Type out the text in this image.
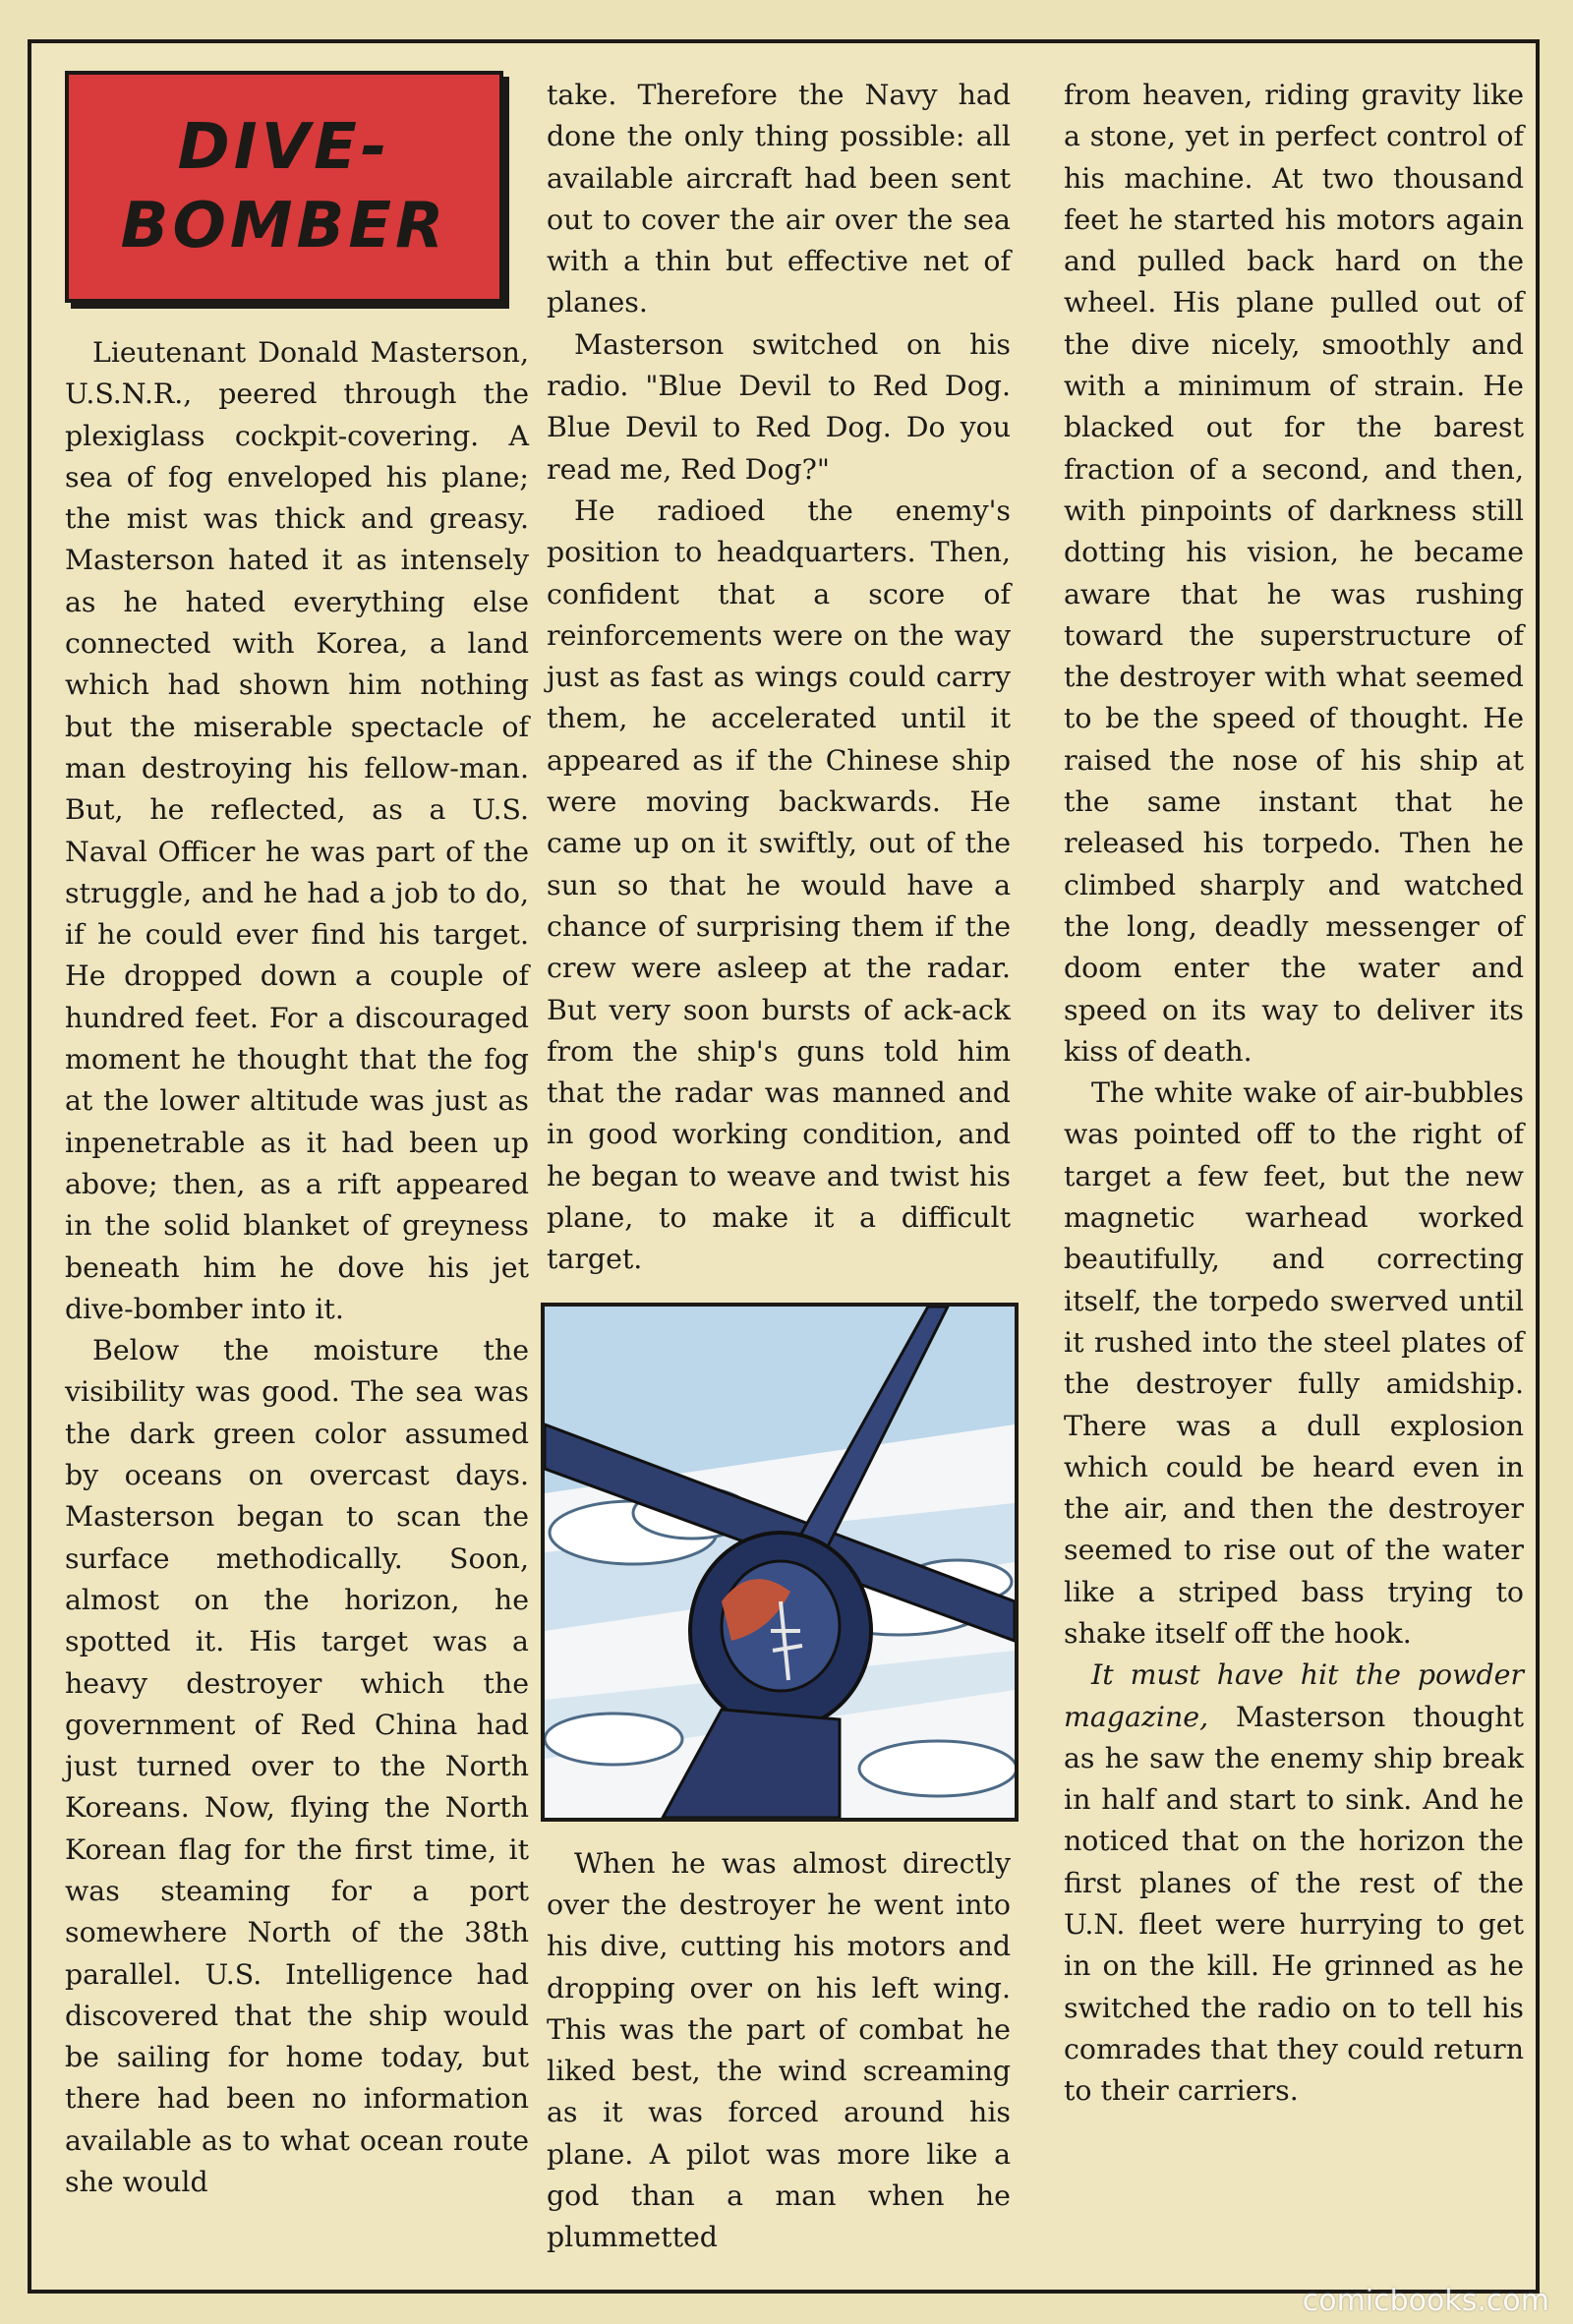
DIVE-
BOMBER

Lieutenant Donald Masterson, U.S.N.R., peered through the plexiglass cockpit-covering. A sea of fog enveloped his plane; the mist was thick and greasy. Masterson hated it as intensely as he hated everything else connected with Korea, a land which had shown him nothing but the miserable spectacle of man destroying his fellow-man. But, he reflected, as a U.S. Naval Officer he was part of the struggle, and he had a job to do, if he could ever find his target. He dropped down a couple of hundred feet. For a discouraged moment he thought that the fog at the lower altitude was just as inpenetrable as it had been up above; then, as a rift appeared in the solid blanket of greyness beneath him he dove his jet dive-bomber into it.

Below the moisture the visibility was good. The sea was the dark green color assumed by oceans on overcast days. Masterson began to scan the surface methodically. Soon, almost on the horizon, he spotted it. His target was a heavy destroyer which the government of Red China had just turned over to the North Koreans. Now, flying the North Korean flag for the first time, it was steaming for a port somewhere North of the 38th parallel. U.S. Intelligence had discovered that the ship would be sailing for home today, but there had been no information available as to what ocean route she would

take. Therefore the Navy had done the only thing possible: all available aircraft had been sent out to cover the air over the sea with a thin but effective net of planes.

Masterson switched on his radio. "Blue Devil to Red Dog. Blue Devil to Red Dog. Do you read me, Red Dog?"

He radioed the enemy's position to headquarters. Then, confident that a score of reinforcements were on the way just as fast as wings could carry them, he accelerated until it appeared as if the Chinese ship were moving backwards. He came up on it swiftly, out of the sun so that he would have a chance of surprising them if the crew were asleep at the radar. But very soon bursts of ack-ack from the ship's guns told him that the radar was manned and in good working condition, and he began to weave and twist his plane, to make it a difficult target.

When he was almost directly over the destroyer he went into his dive, cutting his motors and dropping over on his left wing. This was the part of combat he liked best, the wind screaming as it was forced around his plane. A pilot was more like a god than a man when he plummetted

from heaven, riding gravity like a stone, yet in perfect control of his machine. At two thousand feet he started his motors again and pulled back hard on the wheel. His plane pulled out of the dive nicely, smoothly and with a minimum of strain. He blacked out for the barest fraction of a second, and then, with pinpoints of darkness still dotting his vision, he became aware that he was rushing toward the superstructure of the destroyer with what seemed to be the speed of thought. He raised the nose of his ship at the same instant that he released his torpedo. Then he climbed sharply and watched the long, deadly messenger of doom enter the water and speed on its way to deliver its kiss of death.

The white wake of air-bubbles was pointed off to the right of target a few feet, but the new magnetic warhead worked beautifully, and correcting itself, the torpedo swerved until it rushed into the steel plates of the destroyer fully amidship. There was a dull explosion which could be heard even in the air, and then the destroyer seemed to rise out of the water like a striped bass trying to shake itself off the hook.

It must have hit the powder magazine, Masterson thought as he saw the enemy ship break in half and start to sink. And he noticed that on the horizon the first planes of the rest of the U.N. fleet were hurrying to get in on the kill. He grinned as he switched the radio on to tell his comrades that they could return to their carriers.

comicbooks.com
